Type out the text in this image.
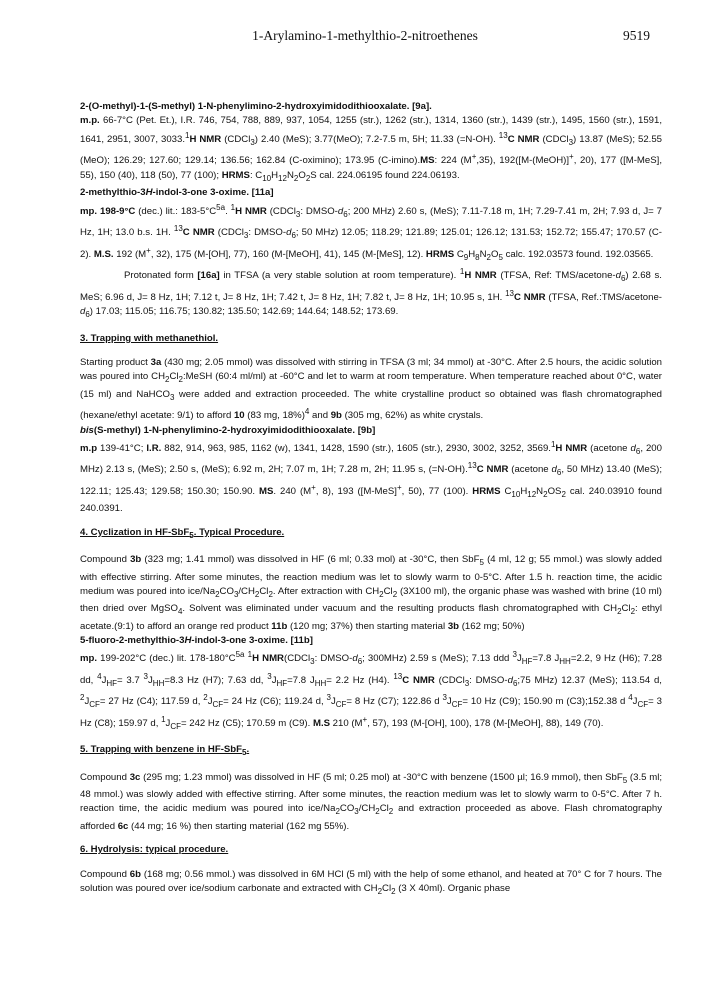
1-Arylamino-1-methylthio-2-nitroethenes	9519

2-(O-methyl)-1-(S-methyl) 1-N-phenylimino-2-hydroxyimidodithiooxalate. [9a].

m.p. 66-7°C (Pet. Et.), I.R. 746, 754, 788, 889, 937, 1054, 1255 (str.), 1262 (str.), 1314, 1360 (str.), 1439 (str.), 1495, 1560 (str.), 1591, 1641, 2951, 3007, 3033.$^1$H NMR (CDCl$_3$) 2.40 (MeS); 3.77(MeO); 7.2-7.5 m, 5H; 11.33 (=N-OH). $^{13}$C NMR (CDCl$_3$) 13.87 (MeS); 52.55 (MeO); 126.29; 127.60; 129.14; 136.56; 162.84 (C-oximino); 173.95 (C-imino).MS: 224 (M+,35), 192([M-(MeOH)]+, 20), 177 ([M-MeS], 55), 150 (40), 118 (50), 77 (100); HRMS: $C_{10}H_{12}N_2O_2S$ cal. 224.06195 found 224.06193.

2-methylthio-3H-indol-3-one 3-oxime. [11a]

mp. 198-9°C (dec.) lit.: $183-5^\circ C^{5a}$. $^1$H NMR (CDCl$_3$: DMSO-$d_6$; 200 MHz) 2.60 s, (MeS); 7.11-7.18 m, 1H; 7.29-7.41 m, 2H; 7.93 d, J= 7 Hz, 1H; 13.0 b.s. 1H. $^{13}$C NMR (CDCl$_3$: DMSO-$d_6$; 50 MHz) 12.05; 118.29; 121.89; 125.01; 126.12; 131.53; 152.72; 155.47; 170.57 (C-2). M.S. 192 (M+, 32), 175 (M-[OH], 77), 160 (M-[MeOH], 41), 145 (M-[MeS], 12). HRMS $C_9H_8N_2O_5$ calc. 192.03573 found. 192.03565.

Protonated form [16a] in TFSA (a very stable solution at room temperature). $^1$H NMR (TFSA, Ref: TMS/$acetone-d_6$) 2.68 s. MeS; 6.96 d, J= 8 Hz, 1H; 7.12 t, J= 8 Hz, 1H; 7.42 t, J= 8 Hz, 1H; 7.82 t, J= 8 Hz, 1H; 10.95 s, 1H. $^{13}$C NMR (TFSA, $Ref.:TMS/acetone-d_6$) 17.03; 115.05; 116.75; 130.82; 135.50; 142.69; 144.64; 148.52; 173.69.

3. Trapping with methanethiol.

Starting product 3a (430 mg; 2.05 mmol) was dissolved with stirring in TFSA (3 ml; 34 mmol) at -30°C. After 2.5 hours, the acidic solution was poured into $CH_2Cl_2:MeSH$ (60:4 ml/ml) at -60°C and let to warm at room temperature. When temperature reached about 0°C, water (15 ml) and NaHCO$_3$ were added and extraction proceeded. The white crystalline product so obtained was flash chromatographed (hexane/ethyl acetate: 9/1) to afford 10 (83 mg, 18%)$^4$ and 9b (305 mg, 62%) as white crystals.

bis(S-methyl) 1-N-phenylimino-2-hydroxyimidodithiooxalate. [9b]

m.p 139-41°C; I.R. 882, 914, 963, 985, 1162 (w), 1341, 1428, 1590 (str.), 1605 (str.), 2930, 3002, 3252, 3569.$^1$H NMR (acetone $d_6$, 200 MHz) 2.13 s, (MeS); 2.50 s, (MeS); 6.92 m, 2H; 7.07 m, 1H; 7.28 m, 2H; 11.95 s, (=N-OH).$^{13}$C NMR (acetone $d_6$, 50 MHz) 13.40 (MeS); 122.11; 125.43; 129.58; 150.30; 150.90. MS. 240 (M+, 8), 193 ([M-MeS]+, 50), 77 (100). HRMS $C_{10}H_{12}N_2OS_2$ cal. 240.03910 found 240.0391.

4. Cyclization in HF-SbF$_5$. Typical Procedure.

Compound 3b (323 mg; 1.41 mmol) was dissolved in HF (6 ml; 0.33 mol) at -30°C, then SbF$_5$ (4 ml, 12 g; 55 mmol.) was slowly added with effective stirring. After some minutes, the reaction medium was let to slowly warm to 0-5°C. After 1.5 h. reaction time, the acidic medium was poured into ice/$Na_2CO_3/CH_2Cl_2$. After extraction with $CH_2Cl_2$ (3X100 ml), the organic phase was washed with brine (10 ml) then dried over MgSO$_4$. Solvent was eliminated under vacuum and the resulting products flash chromatographed with $CH_2Cl_2$: ethyl acetate.(9:1) to afford an orange red product 11b (120 mg; 37%) then starting material 3b (162 mg; 50%)

5-fluoro-2-methylthio-3H-indol-3-one 3-oxime. [11b]

mp. 199-202°C (dec.) lit. $178-180^\circ C^{5a}$ $^1$H NMR(CDCl$_3$: DMSO-$d_6$; 300MHz) 2.59 s (MeS); 7.13 ddd $^3J_{HF}=7.8$ $J_{HH}=2.2$, 9 Hz (H6); 7.28 dd, $^4J_{HF}= 3.7$ $^3J_{HH}=8.3$ Hz (H7); 7.63 dd, $^3J_{HF}=7.8$ $J_{HH}= 2.2$ Hz (H4). $^{13}$C NMR (CDCl$_3$: DMSO-$d_6;75$ MHz) 12.37 (MeS); 113.54 d, $^2J_{CF}= 27$ Hz (C4); 117.59 d, $^2J_{CF}= 24$ Hz (C6); 119.24 d, $^3J_{CF}= 8$ Hz (C7); 122.86 d $^3J_{CF}= 10$ Hz (C9); 150.90 m (C3);152.38 d $^4J_{CF}= 3$ Hz (C8); 159.97 d, $^1J_{CF}= 242$ Hz (C5); 170.59 m (C9). M.S 210 (M+, 57), 193 (M-[OH], 100), 178 (M-[MeOH], 88), 149 (70).

5. Trapping with benzene in HF-SbF$_5$.

Compound 3c (295 mg; 1.23 mmol) was dissolved in HF (5 ml; 0.25 mol) at -30°C with benzene (1500 µl; 16.9 mmol), then SbF$_5$ (3.5 ml; 48 mmol.) was slowly added with effective stirring. After some minutes, the reaction medium was let to slowly warm to 0-5°C. After 7 h. reaction time, the acidic medium was poured into ice/$Na_2CO_3/CH_2Cl_2$ and extraction proceeded as above. Flash chromatography afforded 6c (44 mg; 16 %) then starting material (162 mg 55%).

6. Hydrolysis: typical procedure.

Compound 6b (168 mg; 0.56 mmol.) was dissolved in 6M HCl (5 ml) with the help of some ethanol, and heated at 70° C for 7 hours. The solution was poured over ice/sodium carbonate and extracted with $CH_2Cl_2$ (3 X 40ml). Organic phase
